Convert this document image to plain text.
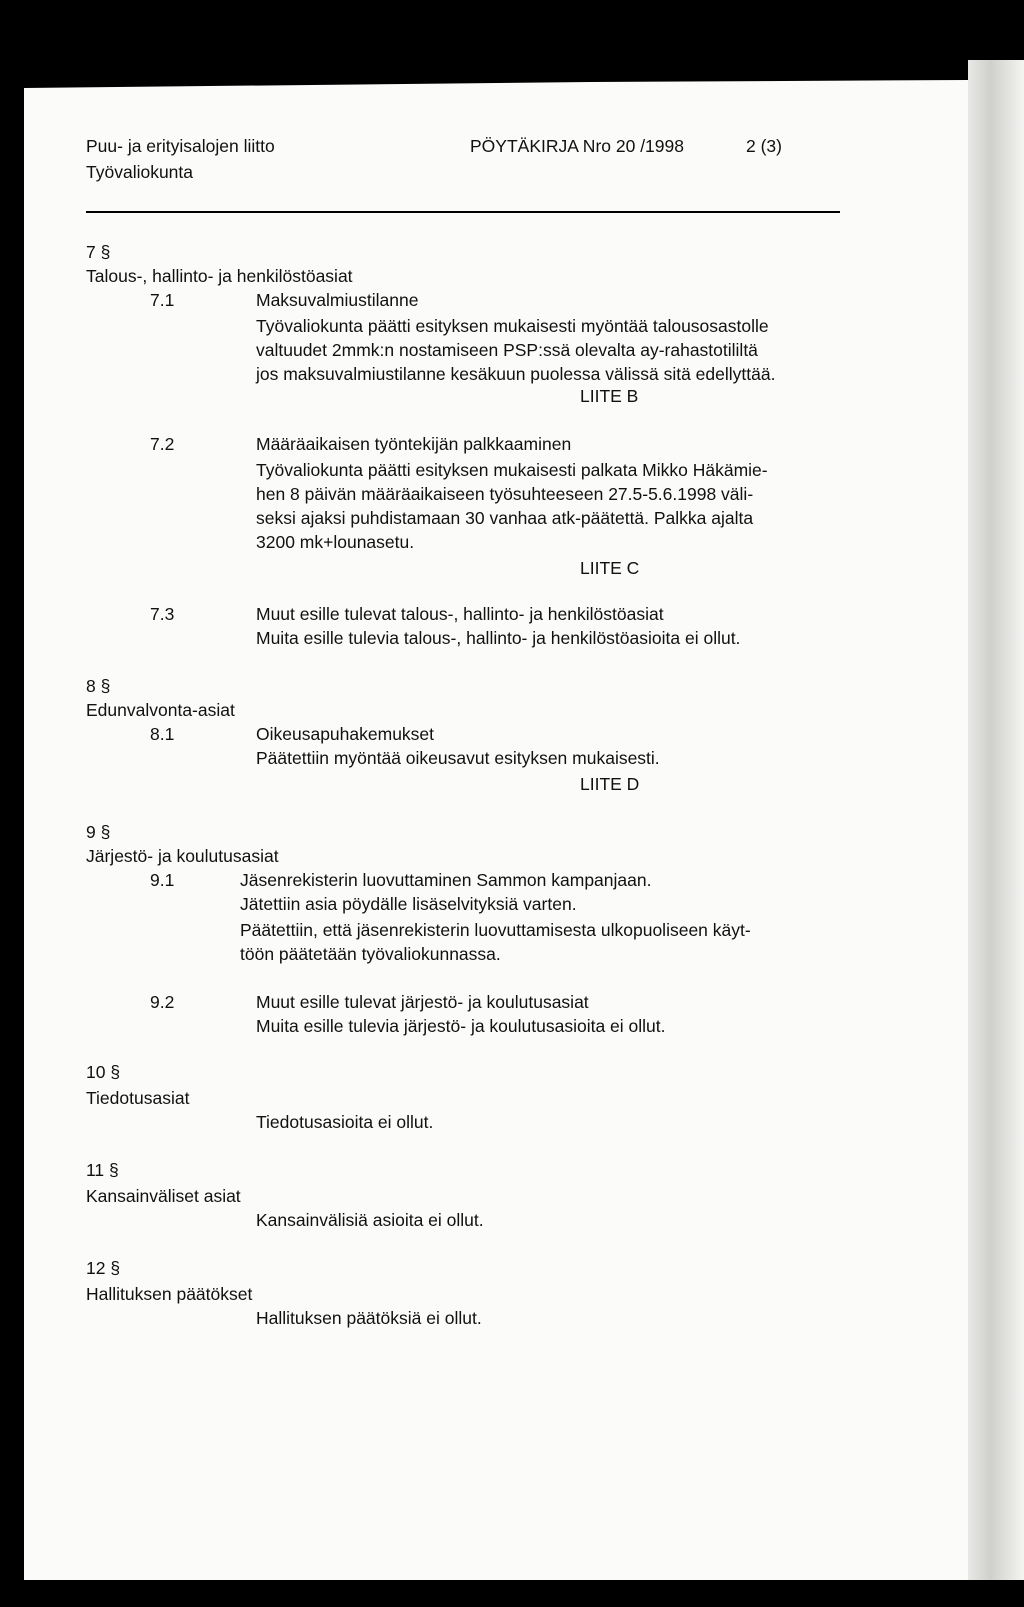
Puu- ja erityisalojen liitto
Työvaliokunta
PÖYTÄKIRJA Nro 20 /1998	2 (3)
7 §
Talous-, hallinto- ja henkilöstöasiat
7.1	Maksuvalmiustilanne
Työvaliokunta päätti esityksen mukaisesti myöntää talousosastolle
valtuudet 2mmk:n nostamiseen PSP:ssä olevalta ay-rahastotililtä
jos maksuvalmiustilanne kesäkuun puolessa välissä sitä edellyttää.
LIITE B
7.2	Määräaikaisen työntekijän palkkaaminen
Työvaliokunta päätti esityksen mukaisesti palkata Mikko Häkämie-
hen 8 päivän määräaikaiseen työsuhteeseen 27.5-5.6.1998 väli-
seksi ajaksi puhdistamaan 30 vanhaa atk-päätettä. Palkka ajalta
3200 mk+lounasetu.
LIITE C
7.3	Muut esille tulevat talous-, hallinto- ja henkilöstöasiat
Muita esille tulevia talous-, hallinto- ja henkilöstöasioita ei ollut.
8 §
Edunvalvonta-asiat
8.1	Oikeusapuhakemukset
Päätettiin myöntää oikeusavut esityksen mukaisesti.
LIITE D
9 §
Järjestö- ja koulutusasiat
9.1	Jäsenrekisterin luovuttaminen Sammon kampanjaan.
Jätettiin asia pöydälle lisäselvityksiä varten.
Päätettiin, että jäsenrekisterin luovuttamisesta ulkopuoliseen käyt-
töön päätetään työvaliokunnassa.
9.2	Muut esille tulevat järjestö- ja koulutusasiat
Muita esille tulevia järjestö- ja koulutusasioita ei ollut.
10 §
Tiedotusasiat
Tiedotusasioita ei ollut.
11 §
Kansainväliset asiat
Kansainvälisiä asioita ei ollut.
12 §
Hallituksen päätökset
Hallituksen päätöksiä ei ollut.
